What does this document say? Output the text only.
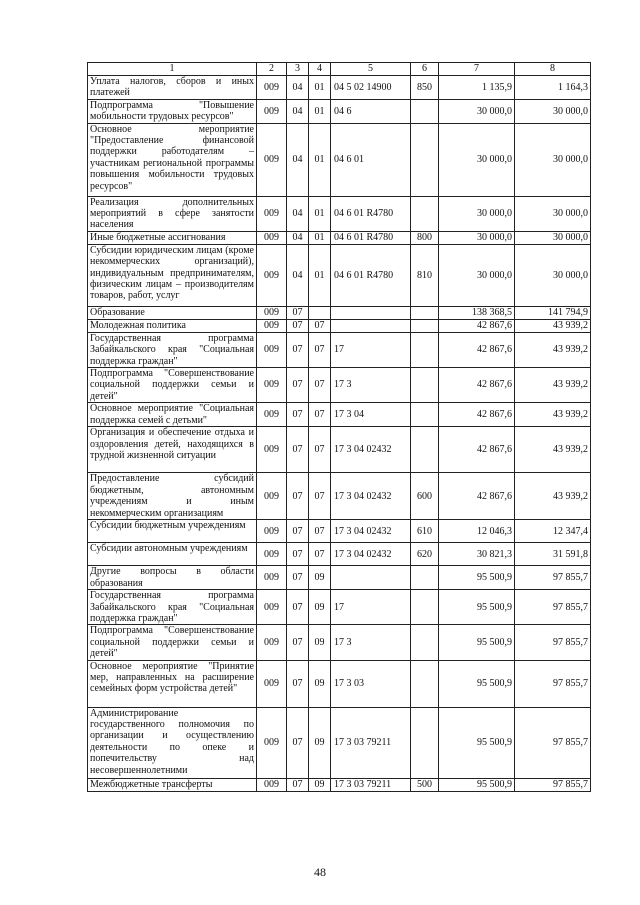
1	2	3	4	5	6	7	8
Уплата налогов, сборов и иных платежей	009	04	01	04 5 02 14900	850	1 135,9	1 164,3
Подпрограмма "Повышение мобильности трудовых ресурсов"	009	04	01	04 6		30 000,0	30 000,0
Основное мероприятие "Предоставление финансовой поддержки работодателям – участникам региональной программы повышения мобильности трудовых ресурсов"	009	04	01	04 6 01		30 000,0	30 000,0
Реализация дополнительных мероприятий в сфере занятости населения	009	04	01	04 6 01 R4780		30 000,0	30 000,0
Иные бюджетные ассигнования	009	04	01	04 6 01 R4780	800	30 000,0	30 000,0
Субсидии юридическим лицам (кроме некоммерческих организаций), индивидуальным предпринимателям, физическим лицам – производителям товаров, работ, услуг	009	04	01	04 6 01 R4780	810	30 000,0	30 000,0
Образование	009	07				138 368,5	141 794,9
Молодежная политика	009	07	07			42 867,6	43 939,2
Государственная программа Забайкальского края "Социальная поддержка граждан"	009	07	07	17		42 867,6	43 939,2
Подпрограмма "Совершенствование социальной поддержки семьи и детей"	009	07	07	17 3		42 867,6	43 939,2
Основное мероприятие "Социальная поддержка семей с детьми"	009	07	07	17 3 04		42 867,6	43 939,2
Организация и обеспечение отдыха и оздоровления детей, находящихся в трудной жизненной ситуации	009	07	07	17 3 04 02432		42 867,6	43 939,2
Предоставление субсидий бюджетным, автономным учреждениям и иным некоммерческим организациям	009	07	07	17 3 04 02432	600	42 867,6	43 939,2
Субсидии бюджетным учреждениям	009	07	07	17 3 04 02432	610	12 046,3	12 347,4
Субсидии автономным учреждениям	009	07	07	17 3 04 02432	620	30 821,3	31 591,8
Другие вопросы в области образования	009	07	09			95 500,9	97 855,7
Государственная программа Забайкальского края "Социальная поддержка граждан"	009	07	09	17		95 500,9	97 855,7
Подпрограмма "Совершенствование социальной поддержки семьи и детей"	009	07	09	17 3		95 500,9	97 855,7
Основное мероприятие "Принятие мер, направленных на расширение семейных форм устройства детей"	009	07	09	17 3 03		95 500,9	97 855,7
Администрирование государственного полномочия по организации и осуществлению деятельности по опеке и попечительству над несовершеннолетними	009	07	09	17 3 03 79211		95 500,9	97 855,7
Межбюджетные трансферты	009	07	09	17 3 03 79211	500	95 500,9	97 855,7
48
